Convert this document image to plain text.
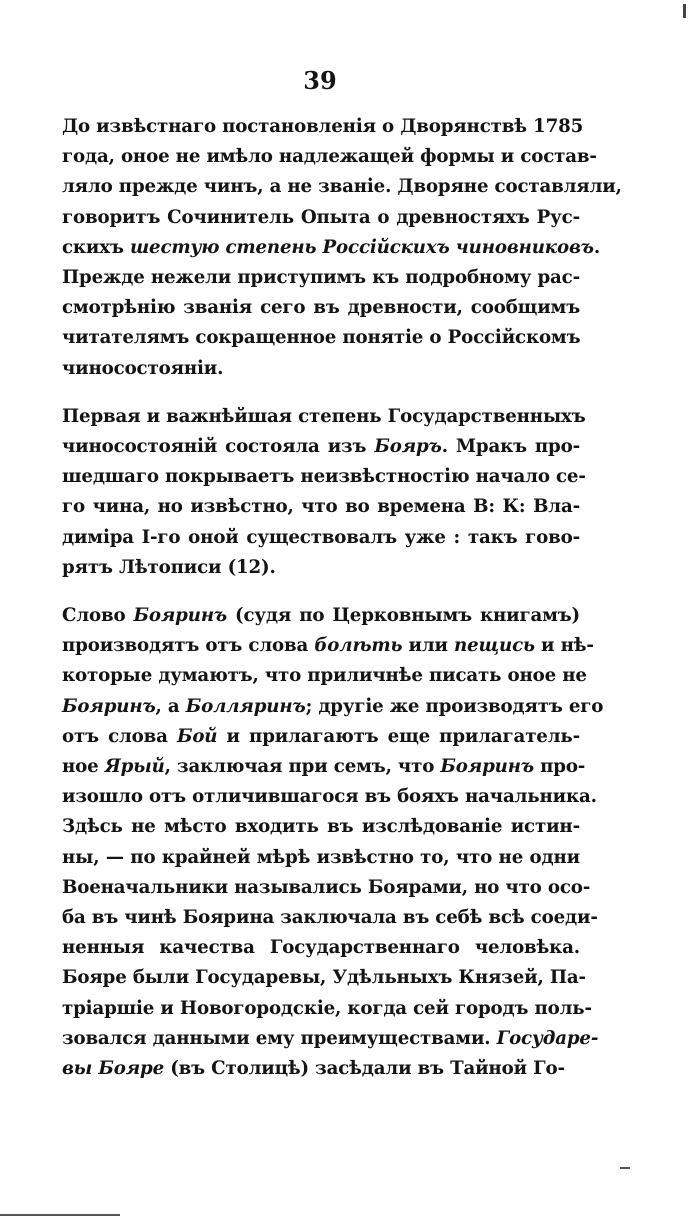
39

До извѣстнаго постановленія о Дворянствѣ 1785
года, оное не имѣло надлежащей формы и состав-
ляло прежде чинъ, а не званіе. Дворяне составляли,
говоритъ Сочинитель Опыта о древностяхъ Рус-
скихъ шестую степень Россійскихъ чиновниковъ.
Прежде нежели приступимъ къ подробному рас-
смотрѣнію званія сего въ древности, сообщимъ
читателямъ сокращенное понятіе о Россійскомъ
чиносостояніи.

Первая и важнѣйшая степень Государственныхъ
чиносостояній состояла изъ Бояръ. Мракъ про-
шедшаго покрываетъ неизвѣстностію начало се-
го чина, но извѣстно, что во времена В: К: Вла-
диміра I-го оной существовалъ уже : такъ гово-
рятъ Лѣтописи (12).

Слово Бояринъ (судя по Церковнымъ книгамъ)
производятъ отъ слова болѣть или пещись и нѣ-
которые думаютъ, что приличнѣе писать оное не
Бояринъ, а Болляринъ; другіе же производятъ его
отъ слова Бой и прилагаютъ еще прилагатель-
ное Ярый, заключая при семъ, что Бояринъ про-
изошло отъ отличившагося въ бояхъ начальника.
Здѣсь не мѣсто входить въ изслѣдованіе истин-
ны, — по крайней мѣрѣ извѣстно то, что не одни
Военачальники назывались Боярами, но что осо-
ба въ чинѣ Боярина заключала въ себѣ всѣ соеди-
ненныя качества Государственнаго человѣка.
Бояре были Государевы, Удѣльныхъ Князей, Па-
тріаршіе и Новогородскіе, когда сей городъ поль-
зовался данными ему преимуществами. Государе-
вы Бояре (въ Столицѣ) засѣдали въ Тайной Го-
